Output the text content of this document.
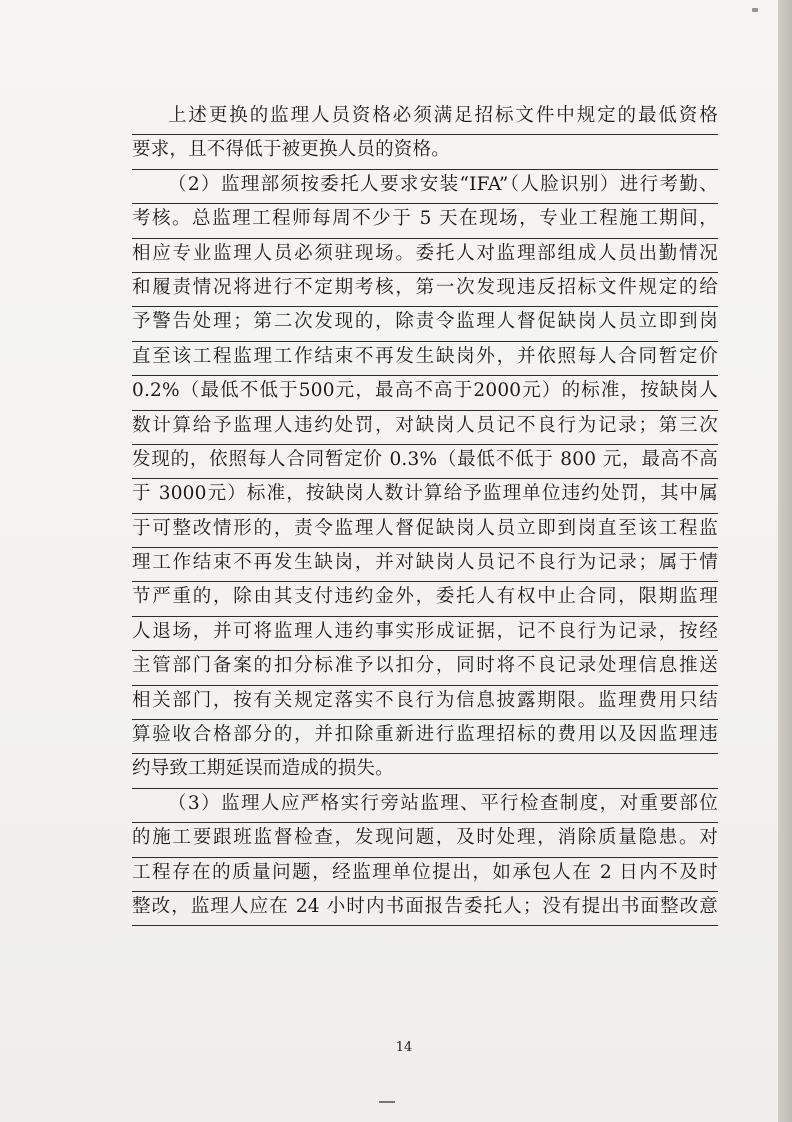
上述更换的监理人员资格必须满足招标文件中规定的最低资格
要求，且不得低于被更换人员的资格。
（2）监理部须按委托人要求安装“IFA”（人脸识别）进行考勤、
考核。总监理工程师每周不少于 5 天在现场，专业工程施工期间，
相应专业监理人员必须驻现场。委托人对监理部组成人员出勤情况
和履责情况将进行不定期考核，第一次发现违反招标文件规定的给
予警告处理；第二次发现的，除责令监理人督促缺岗人员立即到岗
直至该工程监理工作结束不再发生缺岗外，并依照每人合同暂定价
0.2%（最低不低于500元，最高不高于2000元）的标准，按缺岗人
数计算给予监理人违约处罚，对缺岗人员记不良行为记录；第三次
发现的，依照每人合同暂定价 0.3%（最低不低于 800 元，最高不高
于 3000元）标准，按缺岗人数计算给予监理单位违约处罚，其中属
于可整改情形的，责令监理人督促缺岗人员立即到岗直至该工程监
理工作结束不再发生缺岗，并对缺岗人员记不良行为记录；属于情
节严重的，除由其支付违约金外，委托人有权中止合同，限期监理
人退场，并可将监理人违约事实形成证据，记不良行为记录，按经
主管部门备案的扣分标准予以扣分，同时将不良记录处理信息推送
相关部门，按有关规定落实不良行为信息披露期限。监理费用只结
算验收合格部分的，并扣除重新进行监理招标的费用以及因监理违
约导致工期延误而造成的损失。
（3）监理人应严格实行旁站监理、平行检查制度，对重要部位
的施工要跟班监督检查，发现问题，及时处理，消除质量隐患。对
工程存在的质量问题，经监理单位提出，如承包人在 2 日内不及时
整改，监理人应在 24 小时内书面报告委托人；没有提出书面整改意
14
